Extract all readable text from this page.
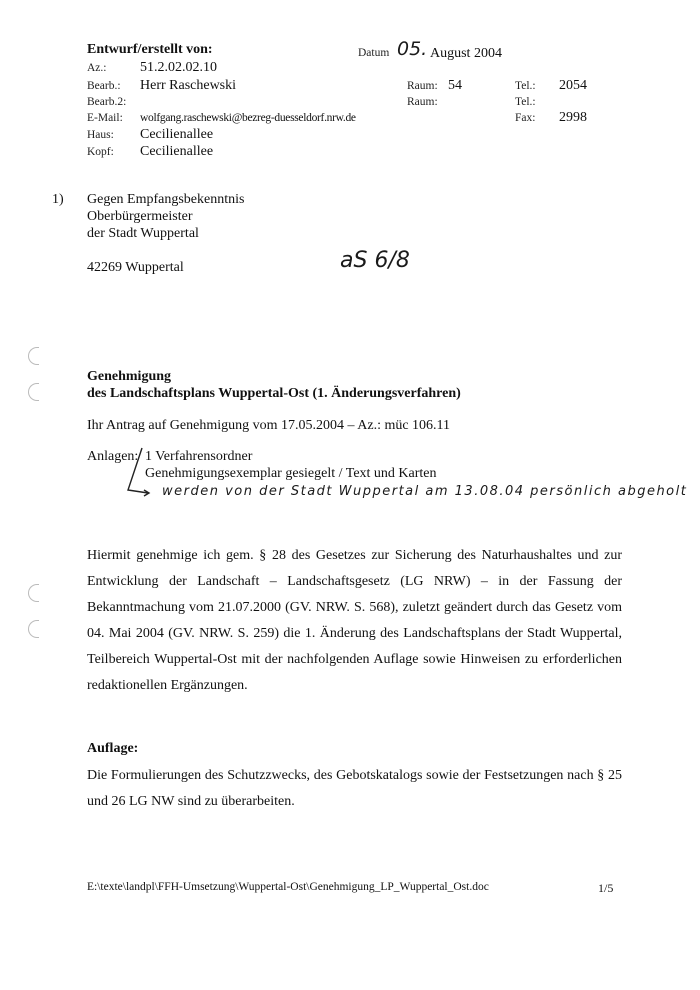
Entwurf/erstellt von:
Az.: 51.2.02.02.10
Bearb.: Herr Raschewski
Bearb.2:
E-Mail: wolfgang.raschewski@bezreg-duesseldorf.nrw.de
Haus: Cecilienallee
Kopf: Cecilienallee
Datum 05. August 2004
Raum: 54
Raum:
Tel.: 2054
Tel.:
Fax: 2998
1) Gegen Empfangsbekenntnis
Oberbürgermeister
der Stadt Wuppertal
42269 Wuppertal	aS 6/8
Genehmigung
des Landschaftsplans Wuppertal-Ost (1. Änderungsverfahren)
Ihr Antrag auf Genehmigung vom 17.05.2004 – Az.: müc 106.11
Anlagen: 1 Verfahrensordner
Genehmigungsexemplar gesiegelt / Text und Karten
werden von der Stadt Wuppertal am 13.08.04 persönlich abgeholt
Hiermit genehmige ich gem. § 28 des Gesetzes zur Sicherung des Naturhaushaltes und zur Entwicklung der Landschaft – Landschaftsgesetz (LG NRW) – in der Fassung der Bekanntmachung vom 21.07.2000 (GV. NRW. S. 568), zuletzt geändert durch das Gesetz vom 04. Mai 2004 (GV. NRW. S. 259) die 1. Änderung des Landschaftsplans der Stadt Wuppertal, Teilbereich Wuppertal-Ost mit der nachfolgenden Auflage sowie Hinweisen zu erforderlichen redaktionellen Ergänzungen.
Auflage:
Die Formulierungen des Schutzzwecks, des Gebotskatalogs sowie der Festsetzungen nach § 25 und 26 LG NW sind zu überarbeiten.
E:\texte\landpl\FFH-Umsetzung\Wuppertal-Ost\Genehmigung_LP_Wuppertal_Ost.doc	1/5
